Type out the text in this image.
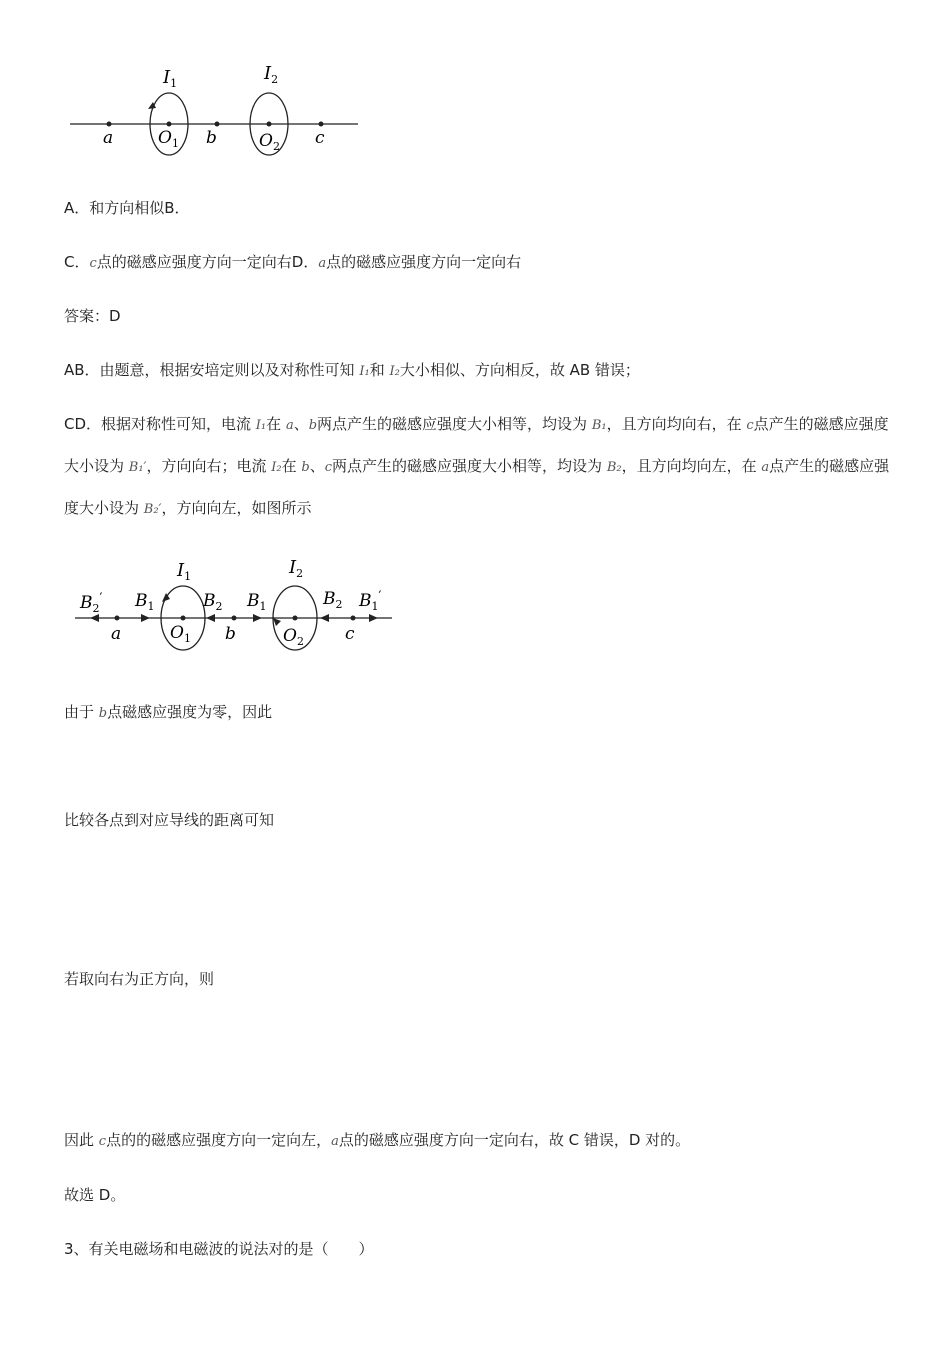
$I_1$	$I_2$
a	b	c
$O_1$	$O_2$
A．和方向相似B．
C．c点的磁感应强度方向一定向右D．a点的磁感应强度方向一定向右
答案：D
AB．由题意，根据安培定则以及对称性可知 I₁和 I₂大小相似、方向相反，故 AB 错误；
CD．根据对称性可知，电流 I₁在 a、b两点产生的磁感应强度大小相等，均设为 B₁，且方向均向右，在 c点产生的磁感应强度大小设为 B₁′，方向向右；电流 I₂在 b、c两点产生的磁感应强度大小相等，均设为 B₂，且方向均向左，在 a点产生的磁感应强度大小设为 B₂′，方向向左，如图所示
$I_1$	$I_2$
$B_2'$ $B_1$	$B_2$ $B_1$	$B_2$ $B_1'$
a	b	c
$O_1$	$O_2$
由于 b点磁感应强度为零，因此
比较各点到对应导线的距离可知
若取向右为正方向，则
因此 c点的的磁感应强度方向一定向左，a点的磁感应强度方向一定向右，故 C 错误，D 对的。
故选 D。
3、有关电磁场和电磁波的说法对的是（　　）
